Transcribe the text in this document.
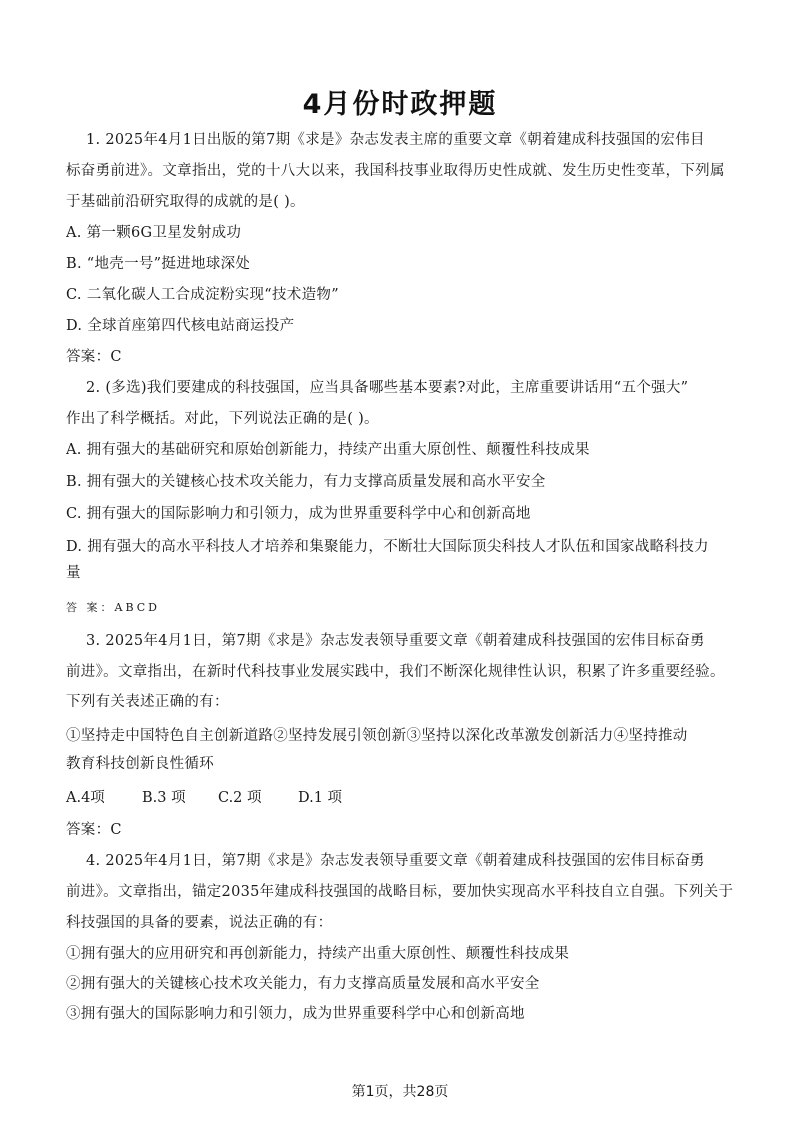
4月份时政押题
1. 2025年4月1日出版的第7期《求是》杂志发表主席的重要文章《朝着建成科技强国的宏伟目
标奋勇前进》。文章指出，党的十八大以来，我国科技事业取得历史性成就、发生历史性变革，下列属
于基础前沿研究取得的成就的是( )。
A. 第一颗6G卫星发射成功
B. “地壳一号”挺进地球深处
C. 二氧化碳人工合成淀粉实现“技术造物”
D. 全球首座第四代核电站商运投产
答案：C
2. (多选)我们要建成的科技强国，应当具备哪些基本要素?对此，主席重要讲话用“五个强大”
作出了科学概括。对此，下列说法正确的是( )。
A. 拥有强大的基础研究和原始创新能力，持续产出重大原创性、颠覆性科技成果
B. 拥有强大的关键核心技术攻关能力，有力支撑高质量发展和高水平安全
C. 拥有强大的国际影响力和引领力，成为世界重要科学中心和创新高地
D. 拥有强大的高水平科技人才培养和集聚能力，不断壮大国际顶尖科技人才队伍和国家战略科技力
量
答 案：ABCD
3. 2025年4月1日，第7期《求是》杂志发表领导重要文章《朝着建成科技强国的宏伟目标奋勇
前进》。文章指出，在新时代科技事业发展实践中，我们不断深化规律性认识，积累了许多重要经验。
下列有关表述正确的有：
①坚持走中国特色自主创新道路②坚持发展引领创新③坚持以深化改革激发创新活力④坚持推动
教育科技创新良性循环
A.4项	B.3 项 C.2 项	D.1 项
答案：C
4. 2025年4月1日，第7期《求是》杂志发表领导重要文章《朝着建成科技强国的宏伟目标奋勇
前进》。文章指出，锚定2035年建成科技强国的战略目标，要加快实现高水平科技自立自强。下列关于
科技强国的具备的要素，说法正确的有：
①拥有强大的应用研究和再创新能力，持续产出重大原创性、颠覆性科技成果
②拥有强大的关键核心技术攻关能力，有力支撑高质量发展和高水平安全
③拥有强大的国际影响力和引领力，成为世界重要科学中心和创新高地
第1页，共28页
